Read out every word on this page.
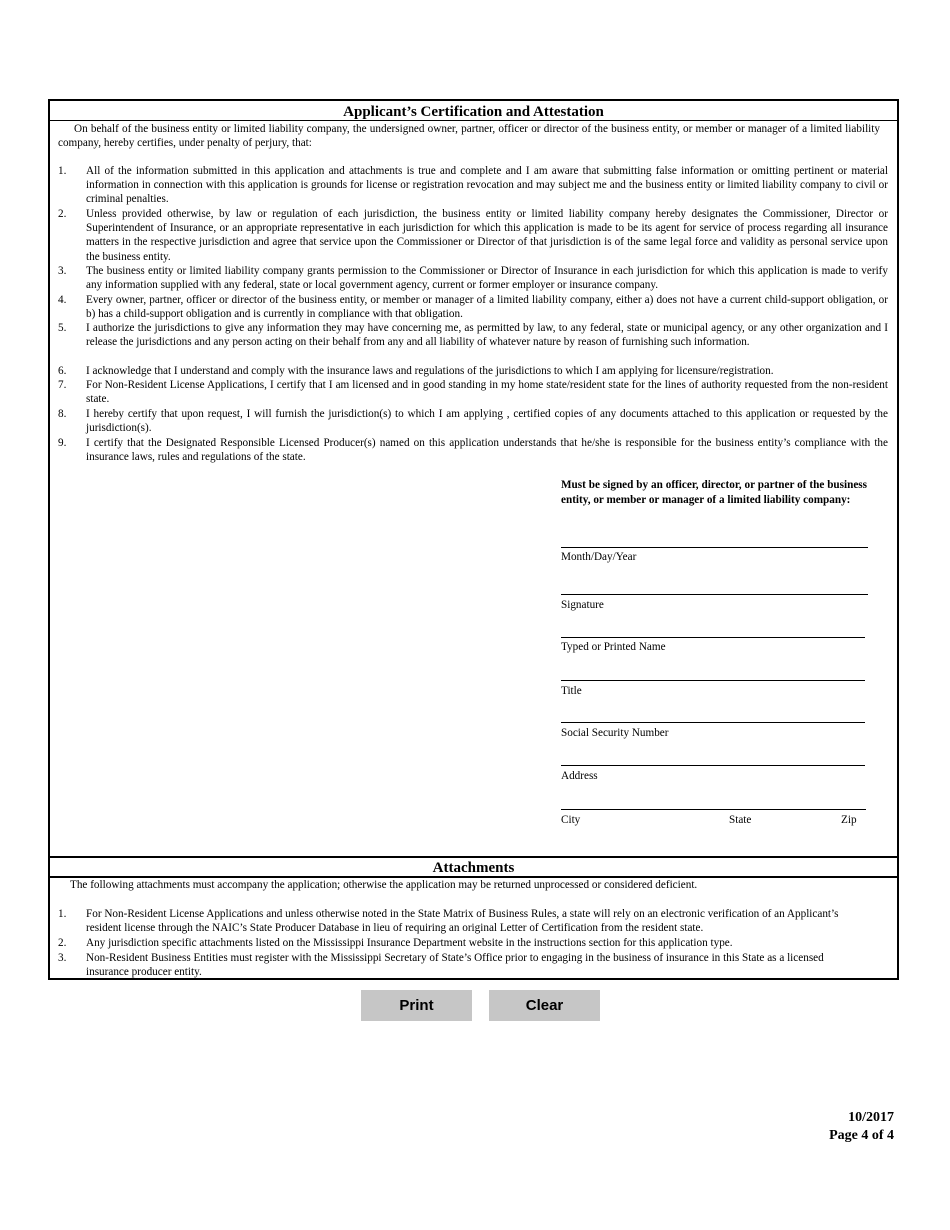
Applicant’s Certification and Attestation
On behalf of the business entity or limited liability company, the undersigned owner, partner, officer or director of the business entity, or member or manager of a limited liability company, hereby certifies, under penalty of perjury, that:
1.	All of the information submitted in this application and attachments is true and complete and I am aware that submitting false information or omitting pertinent or material information in connection with this application is grounds for license or registration revocation and may subject me and the business entity or limited liability company to civil or criminal penalties.
2.	Unless provided otherwise, by law or regulation of each jurisdiction, the business entity or limited liability company hereby designates the Commissioner, Director or Superintendent of Insurance, or an appropriate representative in each jurisdiction for which this application is made to be its agent for service of process regarding all insurance matters in the respective jurisdiction and agree that service upon the Commissioner or Director of that jurisdiction is of the same legal force and validity as personal service upon the business entity.
3.	The business entity or limited liability company grants permission to the Commissioner or Director of Insurance in each jurisdiction for which this application is made to verify any information supplied with any federal, state or local government agency, current or former employer or insurance company.
4.	Every owner, partner, officer or director of the business entity, or member or manager of a limited liability company, either a) does not have a current child-support obligation, or b) has a child-support obligation and is currently in compliance with that obligation.
5.	I authorize the jurisdictions to give any information they may have concerning me, as permitted by law, to any federal, state or municipal agency, or any other organization and I release the jurisdictions and any person acting on their behalf from any and all liability of whatever nature by reason of furnishing such information.
6.	I acknowledge that I understand and comply with the insurance laws and regulations of the jurisdictions to which I am applying for licensure/registration.
7.	For Non-Resident License Applications, I certify that I am licensed and in good standing in my home state/resident state for the lines of authority requested from the non-resident state.
8.	I hereby certify that upon request, I will furnish the jurisdiction(s) to which I am applying , certified copies of any documents attached to this application or requested by the jurisdiction(s).
9.	I certify that the Designated Responsible Licensed Producer(s) named on this application understands that he/she is responsible for the business entity’s compliance with the insurance laws, rules and regulations of the state.
Must be signed by an officer, director, or partner of the business entity, or member or manager of a limited liability company:
Month/Day/Year
Signature
Typed or Printed Name
Title
Social Security Number
Address
City	State	Zip
Attachments
The following attachments must accompany the application; otherwise the application may be returned unprocessed or considered deficient.
1.	For Non-Resident License Applications and unless otherwise noted in the State Matrix of Business Rules, a state will rely on an electronic verification of an Applicant’s resident license through the NAIC’s State Producer Database in lieu of requiring an original Letter of Certification from the resident state.
2.	Any jurisdiction specific attachments listed on the Mississippi Insurance Department website in the instructions section for this application type.
3.	Non-Resident Business Entities must register with the Mississippi Secretary of State’s Office prior to engaging in the business of insurance in this State as a licensed insurance producer entity.
Print	Clear
10/2017
Page 4 of 4
